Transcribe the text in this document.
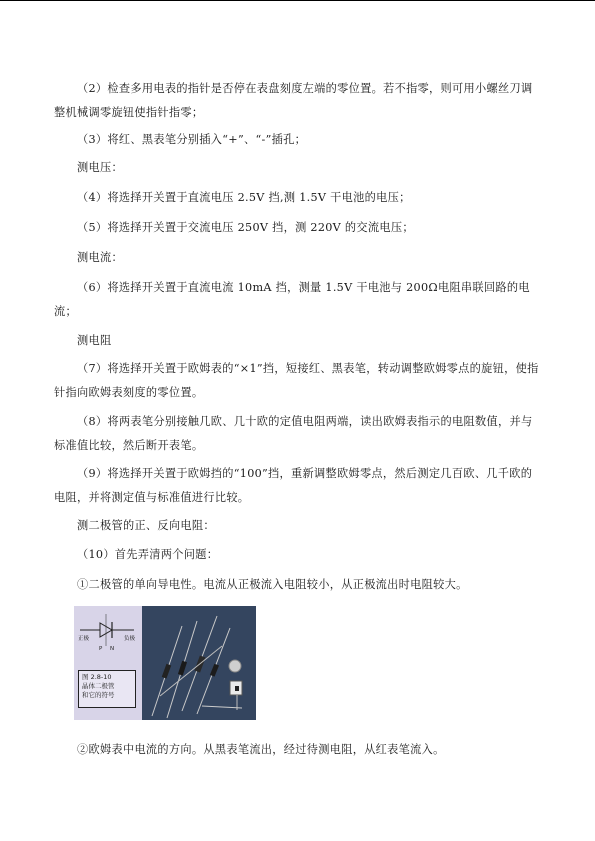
（2）检查多用电表的指针是否停在表盘刻度左端的零位置。若不指零，则可用小螺丝刀调整机械调零旋钮使指针指零；

（3）将红、黑表笔分别插入“+”、“-”插孔；

测电压：

（4）将选择开关置于直流电压 2.5V 挡,测 1.5V 干电池的电压；

（5）将选择开关置于交流电压 250V 挡，测 220V 的交流电压；

测电流：

（6）将选择开关置于直流电流 10mA 挡，测量 1.5V 干电池与 200Ω电阻串联回路的电流；

测电阻

（7）将选择开关置于欧姆表的“×1”挡，短接红、黑表笔，转动调整欧姆零点的旋钮，使指针指向欧姆表刻度的零位置。

（8）将两表笔分别接触几欧、几十欧的定值电阻两端，读出欧姆表指示的电阻数值，并与标准值比较，然后断开表笔。

（9）将选择开关置于欧姆挡的“100”挡，重新调整欧姆零点，然后测定几百欧、几千欧的电阻，并将测定值与标准值进行比较。

测二极管的正、反向电阻：

（10）首先弄清两个问题：

①二极管的单向导电性。电流从正极流入电阻较小，从正极流出时电阻较大。

正极	负极
P N
图 2.8-10
晶体二极管
和它的符号

②欧姆表中电流的方向。从黑表笔流出，经过待测电阻，从红表笔流入。
